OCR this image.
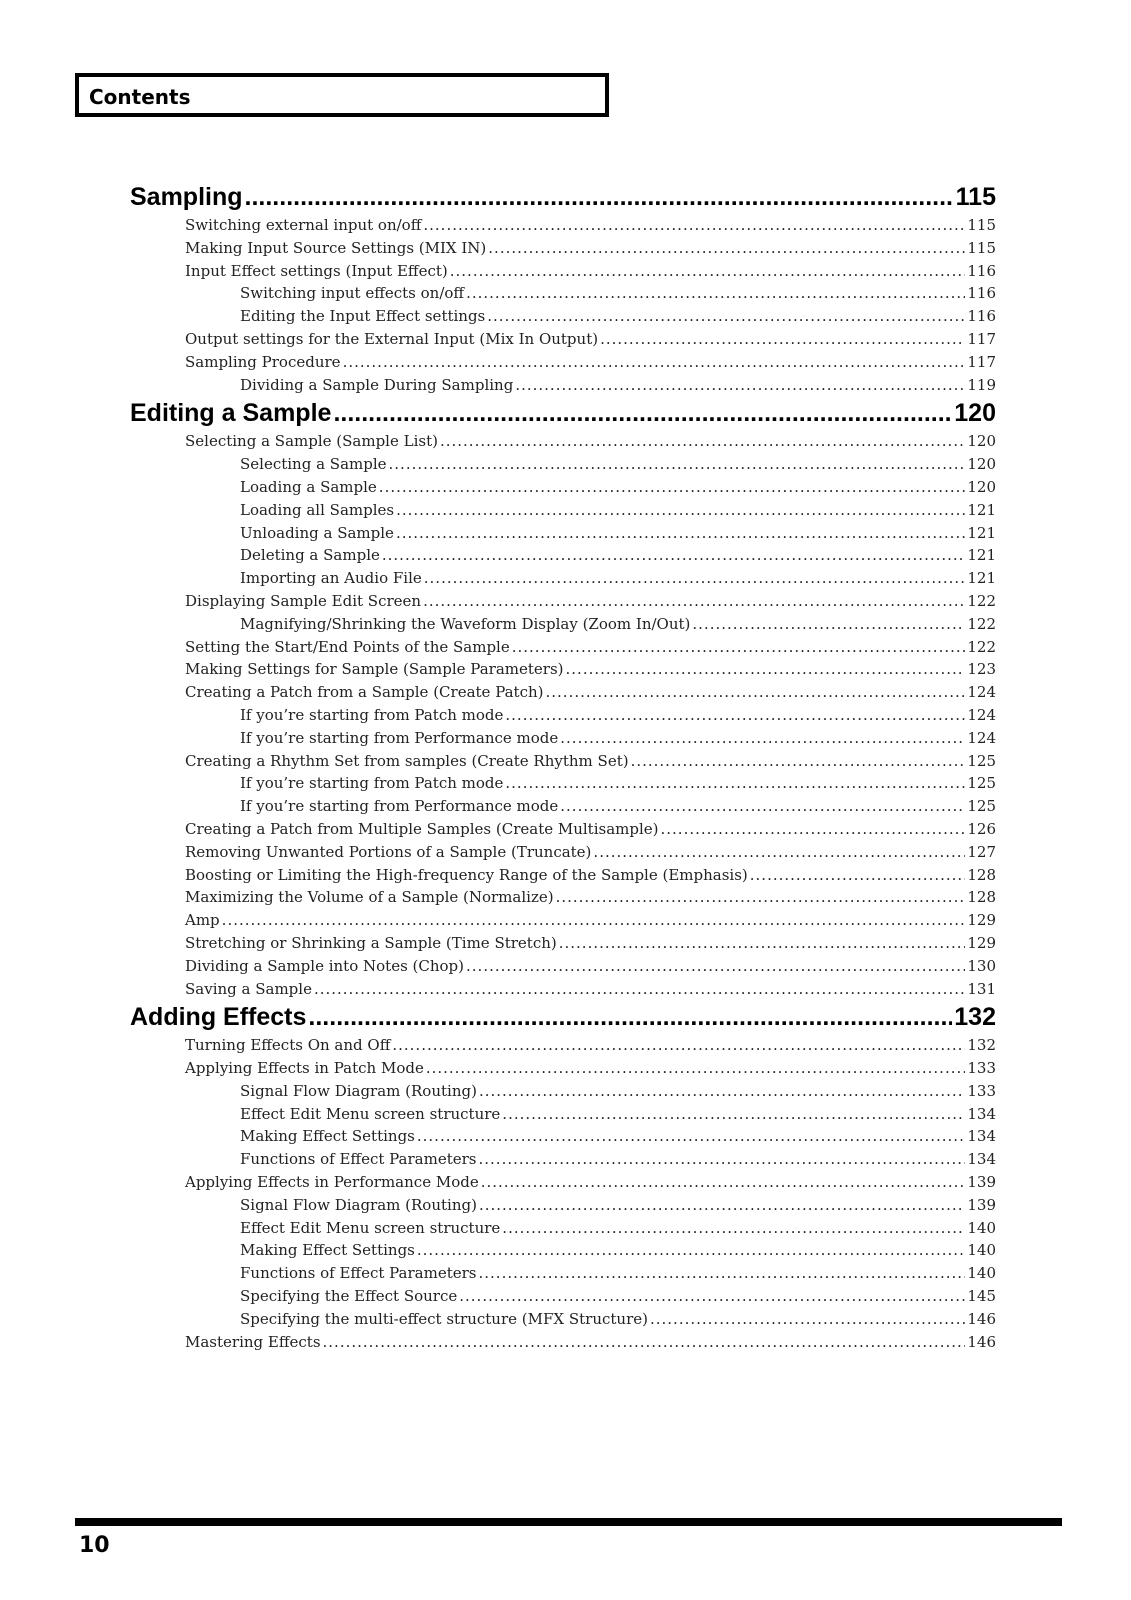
Contents
Sampling .....	115
Switching external input on/off .....	115
Making Input Source Settings (MIX IN) .....	115
Input Effect settings (Input Effect) .....	116
Switching input effects on/off .....	116
Editing the Input Effect settings .....	116
Output settings for the External Input (Mix In Output) .....	117
Sampling Procedure .....	117
Dividing a Sample During Sampling .....	119
Editing a Sample .....	120
Selecting a Sample (Sample List) .....	120
Selecting a Sample .....	120
Loading a Sample .....	120
Loading all Samples .....	121
Unloading a Sample .....	121
Deleting a Sample .....	121
Importing an Audio File .....	121
Displaying Sample Edit Screen .....	122
Magnifying/Shrinking the Waveform Display (Zoom In/Out) .....	122
Setting the Start/End Points of the Sample .....	122
Making Settings for Sample (Sample Parameters) .....	123
Creating a Patch from a Sample (Create Patch) .....	124
If you’re starting from Patch mode .....	124
If you’re starting from Performance mode .....	124
Creating a Rhythm Set from samples (Create Rhythm Set) .....	125
If you’re starting from Patch mode .....	125
If you’re starting from Performance mode .....	125
Creating a Patch from Multiple Samples (Create Multisample) .....	126
Removing Unwanted Portions of a Sample (Truncate) .....	127
Boosting or Limiting the High-frequency Range of the Sample (Emphasis) .....	128
Maximizing the Volume of a Sample (Normalize) .....	128
Amp .....	129
Stretching or Shrinking a Sample (Time Stretch) .....	129
Dividing a Sample into Notes (Chop) .....	130
Saving a Sample .....	131
Adding Effects .....	132
Turning Effects On and Off .....	132
Applying Effects in Patch Mode .....	133
Signal Flow Diagram (Routing) .....	133
Effect Edit Menu screen structure .....	134
Making Effect Settings .....	134
Functions of Effect Parameters .....	134
Applying Effects in Performance Mode .....	139
Signal Flow Diagram (Routing) .....	139
Effect Edit Menu screen structure .....	140
Making Effect Settings .....	140
Functions of Effect Parameters .....	140
Specifying the Effect Source .....	145
Specifying the multi-effect structure (MFX Structure) .....	146
Mastering Effects .....	146
10
